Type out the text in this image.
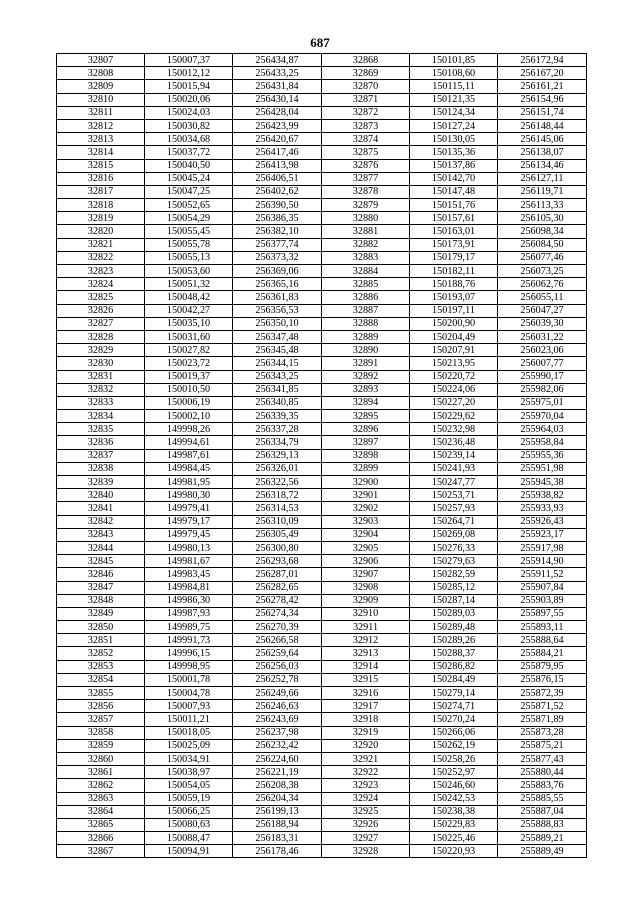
687
32807	150007,37	256434,87	32868	150101,85	256172,94
32808	150012,12	256433,25	32869	150108,60	256167,20
32809	150015,94	256431,84	32870	150115,11	256161,21
32810	150020,06	256430,14	32871	150121,35	256154,96
32811	150024,03	256428,04	32872	150124,34	256151,74
32812	150030,82	256423,99	32873	150127,24	256148,44
32813	150034,68	256420,67	32874	150130,05	256145,06
32814	150037,72	256417,46	32875	150135,36	256138,07
32815	150040,50	256413,98	32876	150137,86	256134,46
32816	150045,24	256406,51	32877	150142,70	256127,11
32817	150047,25	256402,62	32878	150147,48	256119,71
32818	150052,65	256390,50	32879	150151,76	256113,33
32819	150054,29	256386,35	32880	150157,61	256105,30
32820	150055,45	256382,10	32881	150163,01	256098,34
32821	150055,78	256377,74	32882	150173,91	256084,50
32822	150055,13	256373,32	32883	150179,17	256077,46
32823	150053,60	256369,06	32884	150182,11	256073,25
32824	150051,32	256365,16	32885	150188,76	256062,76
32825	150048,42	256361,83	32886	150193,07	256055,11
32826	150042,27	256356,53	32887	150197,11	256047,27
32827	150035,10	256350,10	32888	150200,90	256039,30
32828	150031,60	256347,48	32889	150204,49	256031,22
32829	150027,82	256345,48	32890	150207,91	256023,06
32830	150023,72	256344,15	32891	150213,95	256007,77
32831	150019,37	256343,25	32892	150220,72	255990,17
32832	150010,50	256341,85	32893	150224,06	255982,06
32833	150006,19	256340,85	32894	150227,20	255975,01
32834	150002,10	256339,35	32895	150229,62	255970,04
32835	149998,26	256337,28	32896	150232,98	255964,03
32836	149994,61	256334,79	32897	150236,48	255958,84
32837	149987,61	256329,13	32898	150239,14	255955,36
32838	149984,45	256326,01	32899	150241,93	255951,98
32839	149981,95	256322,56	32900	150247,77	255945,38
32840	149980,30	256318,72	32901	150253,71	255938,82
32841	149979,41	256314,53	32902	150257,93	255933,93
32842	149979,17	256310,09	32903	150264,71	255926,43
32843	149979,45	256305,49	32904	150269,08	255923,17
32844	149980,13	256300,80	32905	150276,33	255917,98
32845	149981,67	256293,68	32906	150279,63	255914,90
32846	149983,45	256287,01	32907	150282,59	255911,52
32847	149984,81	256282,65	32908	150285,12	255907,84
32848	149986,30	256278,42	32909	150287,14	255903,89
32849	149987,93	256274,34	32910	150289,03	255897,55
32850	149989,75	256270,39	32911	150289,48	255893,11
32851	149991,73	256266,58	32912	150289,26	255888,64
32852	149996,15	256259,64	32913	150288,37	255884,21
32853	149998,95	256256,03	32914	150286,82	255879,95
32854	150001,78	256252,78	32915	150284,49	255876,15
32855	150004,78	256249,66	32916	150279,14	255872,39
32856	150007,93	256246,63	32917	150274,71	255871,52
32857	150011,21	256243,69	32918	150270,24	255871,89
32858	150018,05	256237,98	32919	150266,06	255873,28
32859	150025,09	256232,42	32920	150262,19	255875,21
32860	150034,91	256224,60	32921	150258,26	255877,43
32861	150038,97	256221,19	32922	150252,97	255880,44
32862	150054,05	256208,38	32923	150246,60	255883,76
32863	150059,19	256204,34	32924	150242,53	255885,55
32864	150066,25	256199,13	32925	150238,38	255887,04
32865	150080,63	256188,94	32926	150229,83	255888,83
32866	150088,47	256183,31	32927	150225,46	255889,21
32867	150094,91	256178,46	32928	150220,93	255889,49
